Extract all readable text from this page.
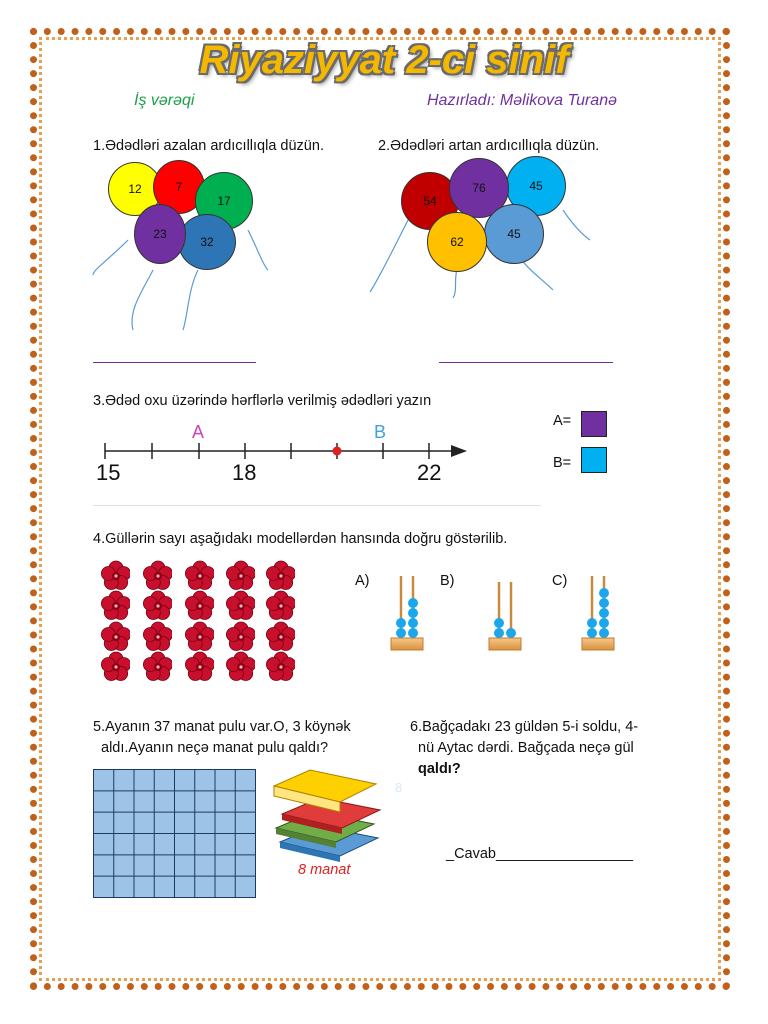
Riyaziyyat 2-ci sinif
İş vərəqi	Hazırladı: Məlikova Turanə
1.Ədədləri azalan ardıcıllıqla düzün.
12	7
17
32
23
2.Ədədləri artan ardıcıllıqla düzün.
54
45
76
45
62
3.Ədəd oxu üzərində hərflərlə verilmiş ədədləri yazın
15	18	22
A	B
A=
B=
4.Güllərin sayı aşağıdakı modellərdən hansında doğru göstərilib.
A)	B)	C)
5.Ayanın 37 manat pulu var.O, 3 köynək
aldı.Ayanın neçə manat pulu qaldı?
8 manat
8
6.Bağçadakı 23 güldən 5-i soldu, 4-
nü Aytac dərdi. Bağçada neçə gül
qaldı?
_Cavab_________________
